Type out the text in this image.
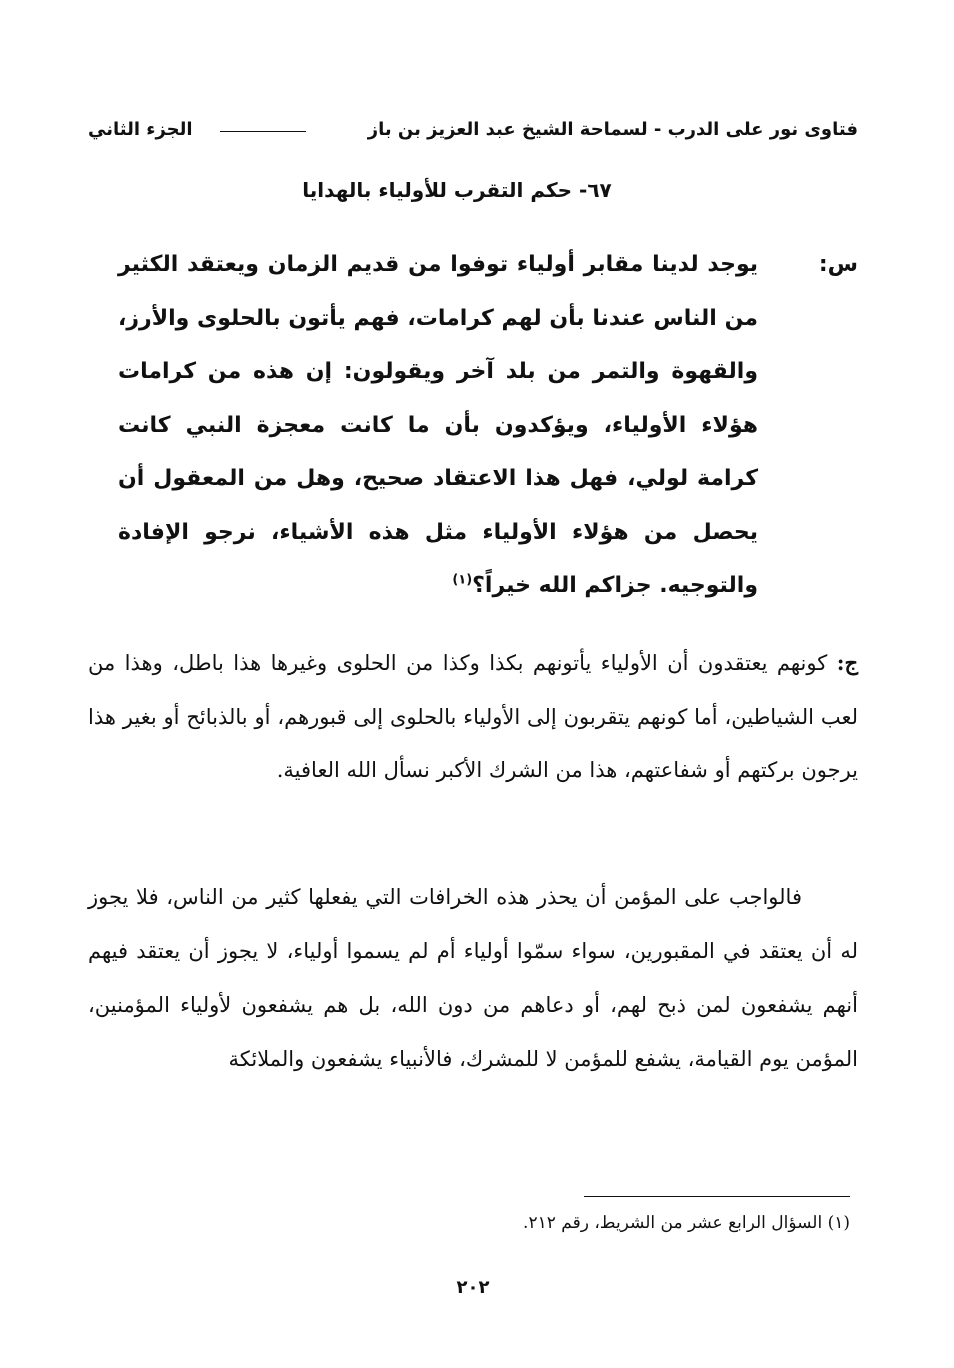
فتاوى نور على الدرب - لسماحة الشيخ عبد العزيز بن باز
الجزء الثاني
٦٧- حكم التقرب للأولياء بالهدايا
س:
يوجد لدينا مقابر أولياء توفوا من قديم الزمان ويعتقد الكثير من الناس عندنا بأن لهم كرامات، فهم يأتون بالحلوى والأرز، والقهوة والتمر من بلد آخر ويقولون: إن هذه من كرامات هؤلاء الأولياء، ويؤكدون بأن ما كانت معجزة النبي كانت كرامة لولي، فهل هذا الاعتقاد صحيح، وهل من المعقول أن يحصل من هؤلاء الأولياء مثل هذه الأشياء، نرجو الإفادة والتوجيه. جزاكم الله خيراً؟$^{(١)}$
ج: كونهم يعتقدون أن الأولياء يأتونهم بكذا وكذا من الحلوى وغيرها هذا باطل، وهذا من لعب الشياطين، أما كونهم يتقربون إلى الأولياء بالحلوى إلى قبورهم، أو بالذبائح أو بغير هذا يرجون بركتهم أو شفاعتهم، هذا من الشرك الأكبر نسأل الله العافية.
فالواجب على المؤمن أن يحذر هذه الخرافات التي يفعلها كثير من الناس، فلا يجوز له أن يعتقد في المقبورين، سواء سمّوا أولياء أم لم يسموا أولياء، لا يجوز أن يعتقد فيهم أنهم يشفعون لمن ذبح لهم، أو دعاهم من دون الله، بل هم يشفعون لأولياء المؤمنين، المؤمن يوم القيامة، يشفع للمؤمن لا للمشرك، فالأنبياء يشفعون والملائكة
(١) السؤال الرابع عشر من الشريط، رقم ٢١٢.
٢٠٢
